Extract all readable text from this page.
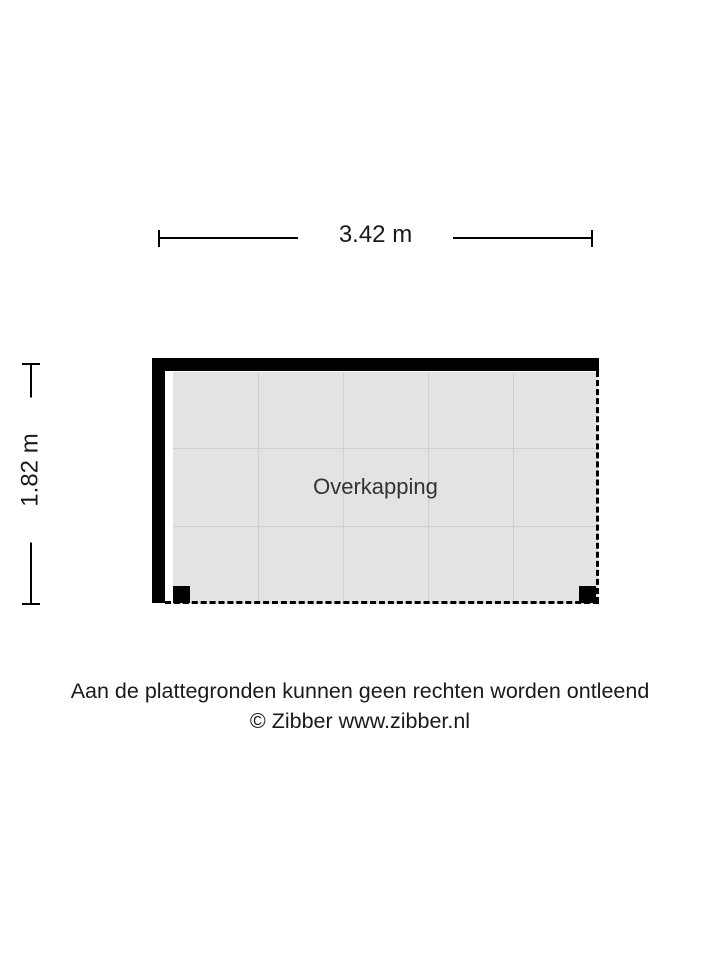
3.42 m
1.82 m	Overkapping
Aan de plattegronden kunnen geen rechten worden ontleend
© Zibber www.zibber.nl
